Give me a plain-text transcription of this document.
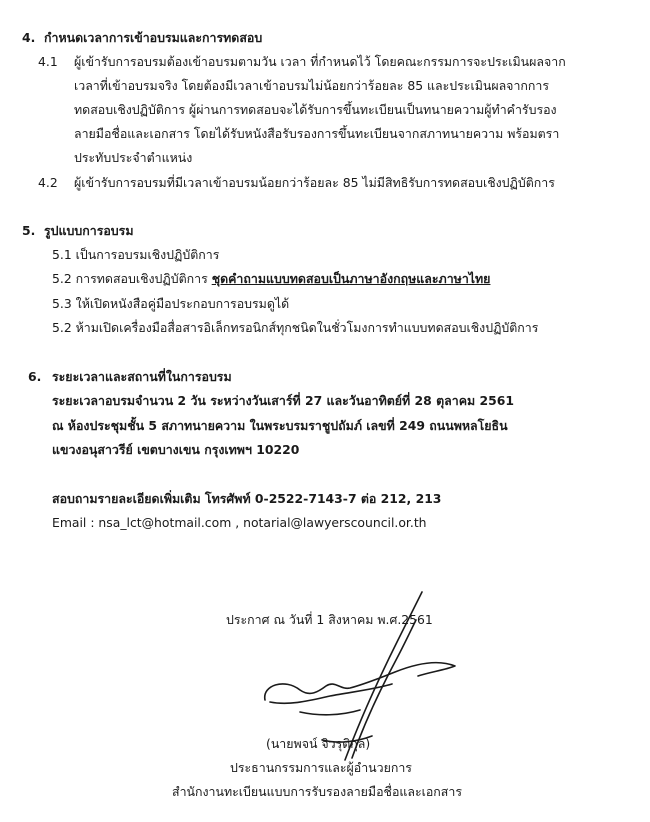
4. กำหนดเวลาการเข้าอบรมและการทดสอบ
4.1 ผู้เข้ารับการอบรมต้องเข้าอบรมตามวัน เวลา ที่กำหนดไว้ โดยคณะกรรมการจะประเมินผลจาก
เวลาที่เข้าอบรมจริง โดยต้องมีเวลาเข้าอบรมไม่น้อยกว่าร้อยละ 85 และประเมินผลจากการ
ทดสอบเชิงปฏิบัติการ ผู้ผ่านการทดสอบจะได้รับการขึ้นทะเบียนเป็นทนายความผู้ทำคำรับรอง
ลายมือชื่อและเอกสาร โดยได้รับหนังสือรับรองการขึ้นทะเบียนจากสภาทนายความ พร้อมตรา
ประทับประจำตำแหน่ง
4.2 ผู้เข้ารับการอบรมที่มีเวลาเข้าอบรมน้อยกว่าร้อยละ 85 ไม่มีสิทธิรับการทดสอบเชิงปฏิบัติการ
5. รูปแบบการอบรม
5.1 เป็นการอบรมเชิงปฏิบัติการ
5.2 การทดสอบเชิงปฏิบัติการ ชุดคำถามแบบทดสอบเป็นภาษาอังกฤษและภาษาไทย
5.3 ให้เปิดหนังสือคู่มือประกอบการอบรมดูได้
5.2 ห้ามเปิดเครื่องมือสื่อสารอิเล็กทรอนิกส์ทุกชนิดในชั่วโมงการทำแบบทดสอบเชิงปฏิบัติการ
6. ระยะเวลาและสถานที่ในการอบรม
ระยะเวลาอบรมจำนวน 2 วัน ระหว่างวันเสาร์ที่ 27 และวันอาทิตย์ที่ 28 ตุลาคม 2561
ณ ห้องประชุมชั้น 5 สภาทนายความ ในพระบรมราชูปถัมภ์ เลขที่ 249 ถนนพหลโยธิน
แขวงอนุสาวรีย์ เขตบางเขน กรุงเทพฯ 10220
สอบถามรายละเอียดเพิ่มเติม โทรศัพท์ 0-2522-7143-7 ต่อ 212, 213
Email : nsa_lct@hotmail.com , notarial@lawyerscouncil.or.th
ประกาศ ณ วันที่ 1 สิงหาคม พ.ศ.2561
(นายพจน์ จิวรุติกุล)
ประธานกรรมการและผู้อำนวยการ
สำนักงานทะเบียนแบบการรับรองลายมือชื่อและเอกสาร
